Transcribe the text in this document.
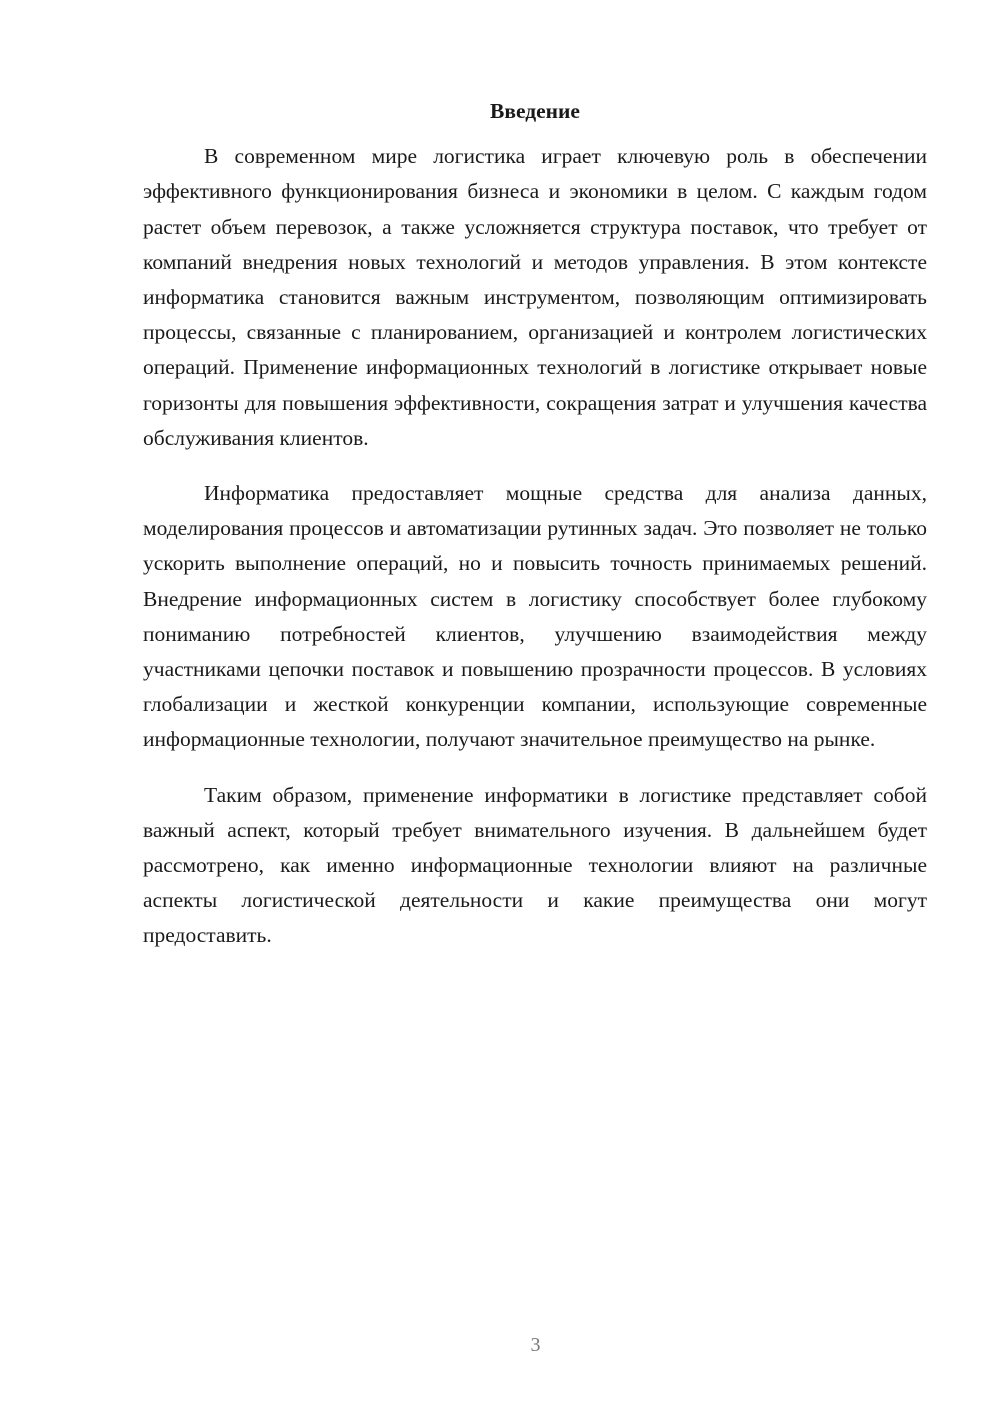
Введение

В современном мире логистика играет ключевую роль в обеспечении эффективного функционирования бизнеса и экономики в целом. С каждым годом растет объем перевозок, а также усложняется структура поставок, что требует от компаний внедрения новых технологий и методов управления. В этом контексте информатика становится важным инструментом, позволяющим оптимизировать процессы, связанные с планированием, организацией и контролем логистических операций. Применение информационных технологий в логистике открывает новые горизонты для повышения эффективности, сокращения затрат и улучшения качества обслуживания клиентов.

Информатика предоставляет мощные средства для анализа данных, моделирования процессов и автоматизации рутинных задач. Это позволяет не только ускорить выполнение операций, но и повысить точность принимаемых решений. Внедрение информационных систем в логистику способствует более глубокому пониманию потребностей клиентов, улучшению взаимодействия между участниками цепочки поставок и повышению прозрачности процессов. В условиях глобализации и жесткой конкуренции компании, использующие современные информационные технологии, получают значительное преимущество на рынке.

Таким образом, применение информатики в логистике представляет собой важный аспект, который требует внимательного изучения. В дальнейшем будет рассмотрено, как именно информационные технологии влияют на различные аспекты логистической деятельности и какие преимущества они могут предоставить.

3
